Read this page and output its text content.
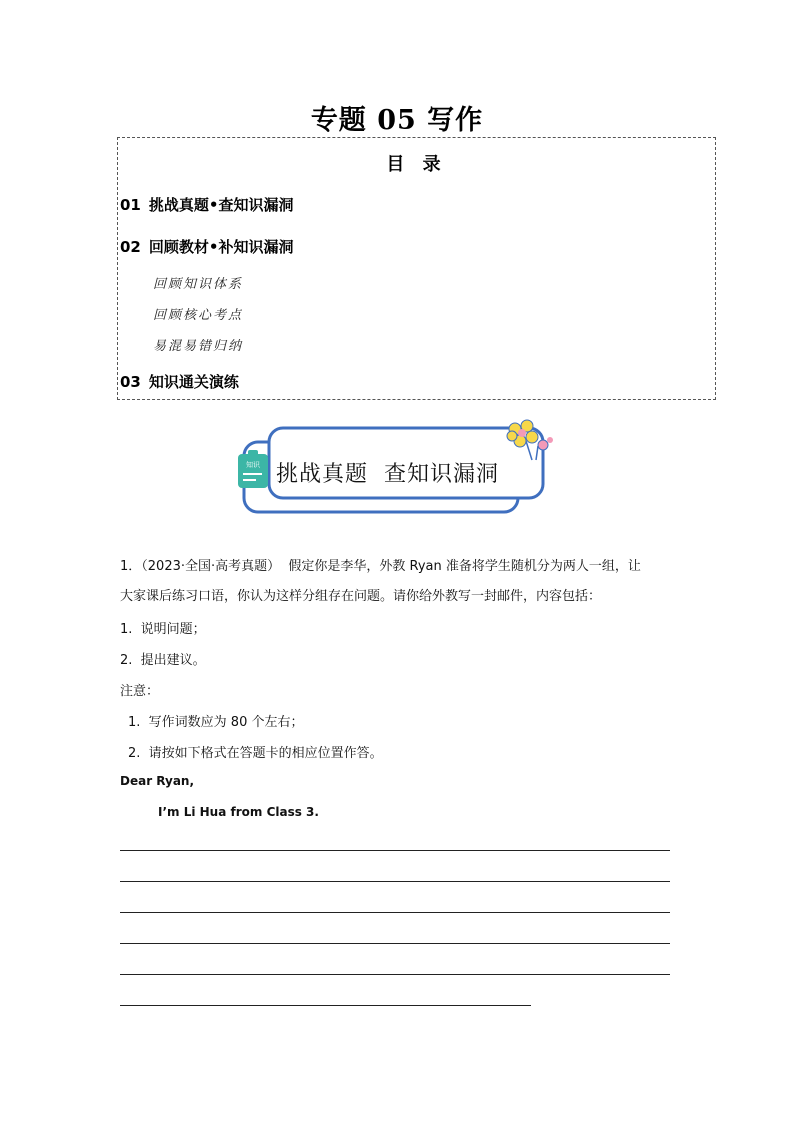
专题 05 写作
目 录
01 挑战真题•查知识漏洞
02 回顾教材•补知识漏洞
回顾知识体系
回顾核心考点
易混易错归纳
03 知识通关演练
知识 挑战真题  查知识漏洞
1．（2023·全国·高考真题）  假定你是李华，外教 Ryan 准备将学生随机分为两人一组，让
大家课后练习口语，你认为这样分组存在问题。请你给外教写一封邮件，内容包括：
1.  说明问题；
2.  提出建议。
注意：
1.  写作词数应为 80 个左右；
2.  请按如下格式在答题卡的相应位置作答。
Dear Ryan,
I’m Li Hua from Class 3.
